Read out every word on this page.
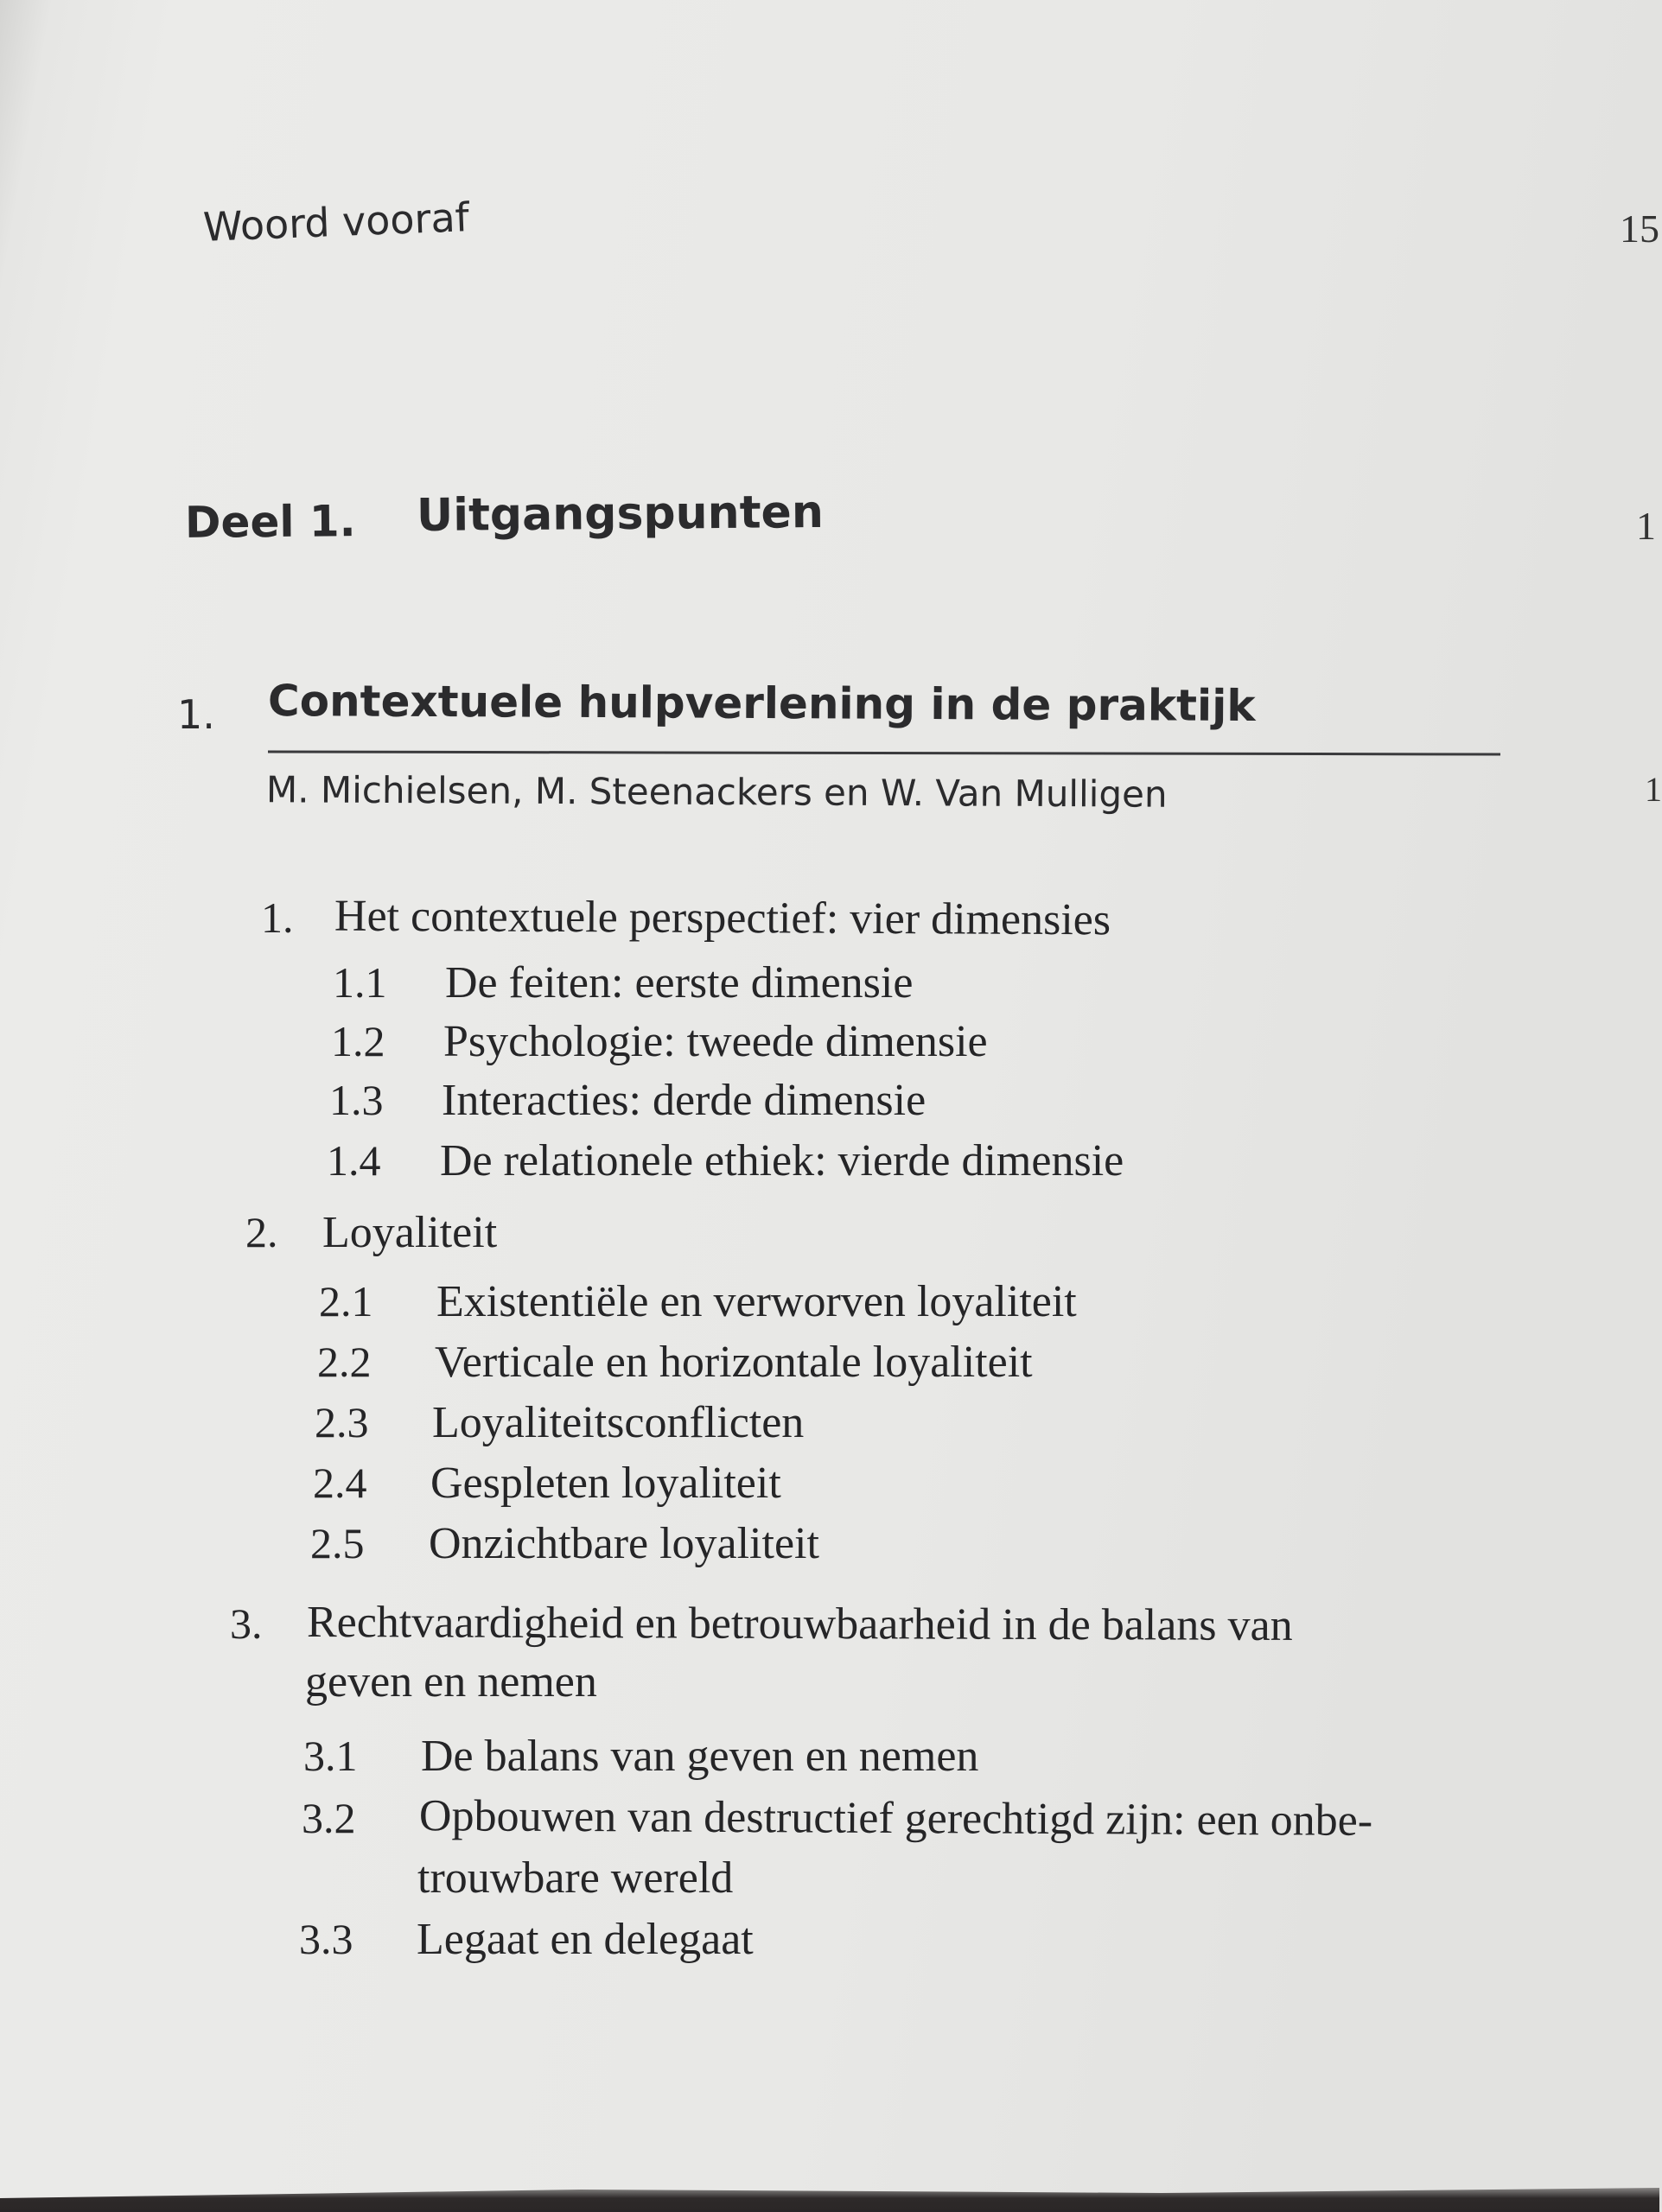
Woord vooraf	15
Deel 1. Uitgangspunten	1
1. Contextuele hulpverlening in de praktijk
M. Michielsen, M. Steenackers en W. Van Mulligen	1
1. Het contextuele perspectief: vier dimensies
1.1 De feiten: eerste dimensie
1.2 Psychologie: tweede dimensie
1.3 Interacties: derde dimensie
1.4 De relationele ethiek: vierde dimensie
2. Loyaliteit
2.1 Existentiële en verworven loyaliteit
2.2 Verticale en horizontale loyaliteit
2.3 Loyaliteitsconflicten
2.4 Gespleten loyaliteit
2.5 Onzichtbare loyaliteit
3. Rechtvaardigheid en betrouwbaarheid in de balans van
geven en nemen
3.1 De balans van geven en nemen
3.2 Opbouwen van destructief gerechtigd zijn: een onbe-
trouwbare wereld
3.3 Legaat en delegaat
